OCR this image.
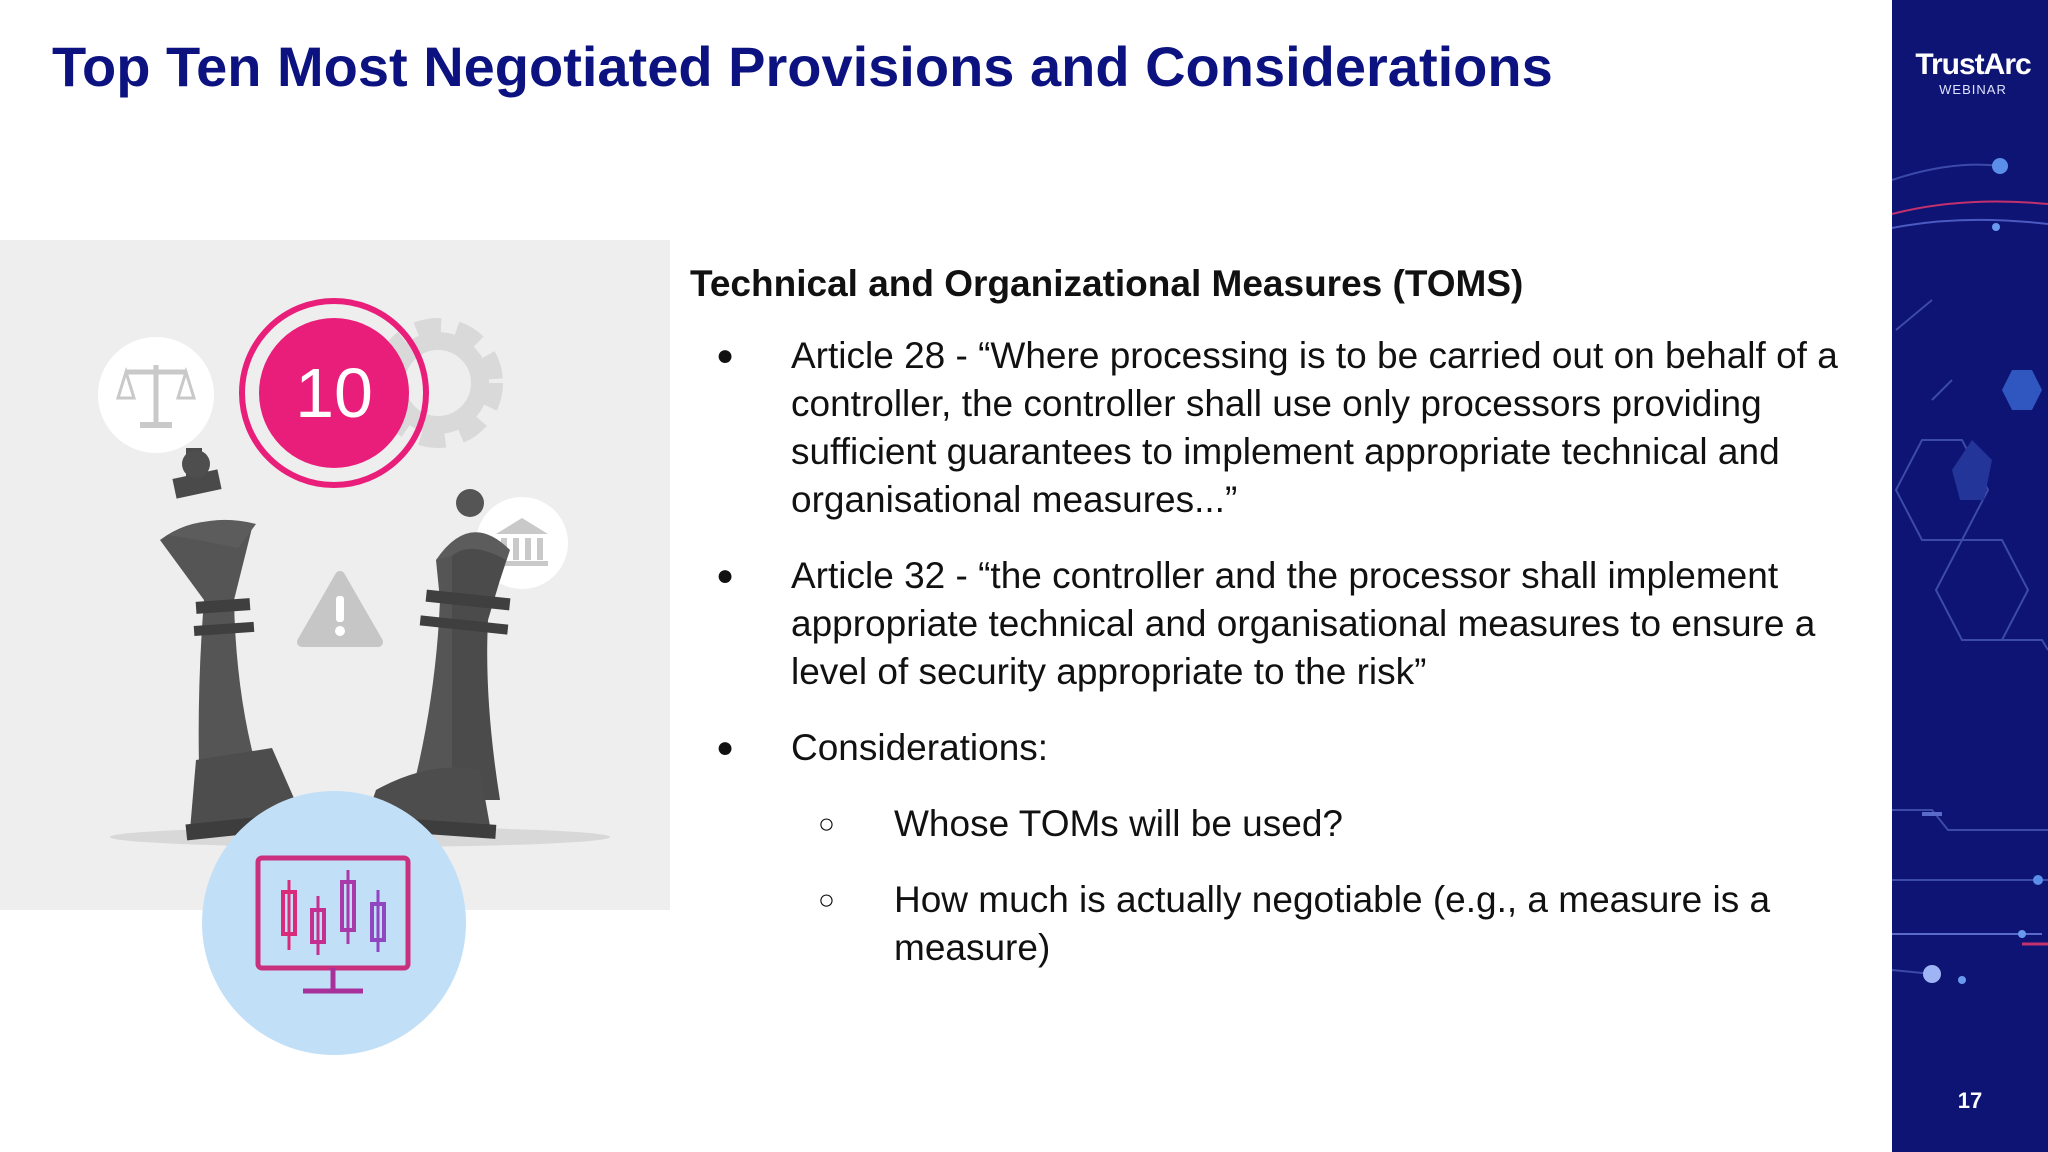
Top Ten Most Negotiated Provisions and Considerations
10
Technical and Organizational Measures (TOMS)
● Article 28 - “Where processing is to be carried out on behalf of a controller, the controller shall use only processors providing sufficient guarantees to implement appropriate technical and organisational measures...”
● Article 32 - “the controller and the processor shall implement appropriate technical and organisational measures to ensure a level of security appropriate to the risk”
● Considerations:
○ Whose TOMs will be used?
○ How much is actually negotiable (e.g., a measure is a measure)
TrustArc
WEBINAR
17
